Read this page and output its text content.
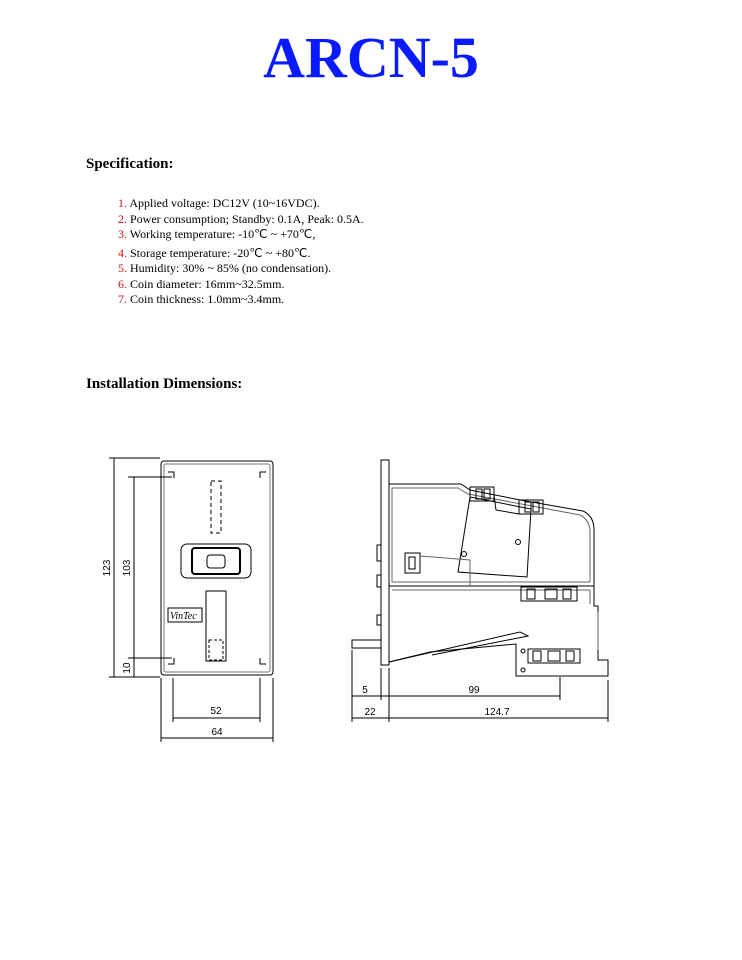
ARCN-5
Specification:
1. Applied voltage: DC12V (10~16VDC).
2. Power consumption; Standby: 0.1A, Peak: 0.5A.
3. Working temperature: -10℃ ~ +70℃,
4. Storage temperature: -20℃ ~ +80℃.
5. Humidity: 30% ~ 85% (no condensation).
6. Coin diameter: 16mm~32.5mm.
7. Coin thickness: 1.0mm~3.4mm.
Installation Dimensions:
VinTec
123 103
10
52
64
5	99
22	124.7
